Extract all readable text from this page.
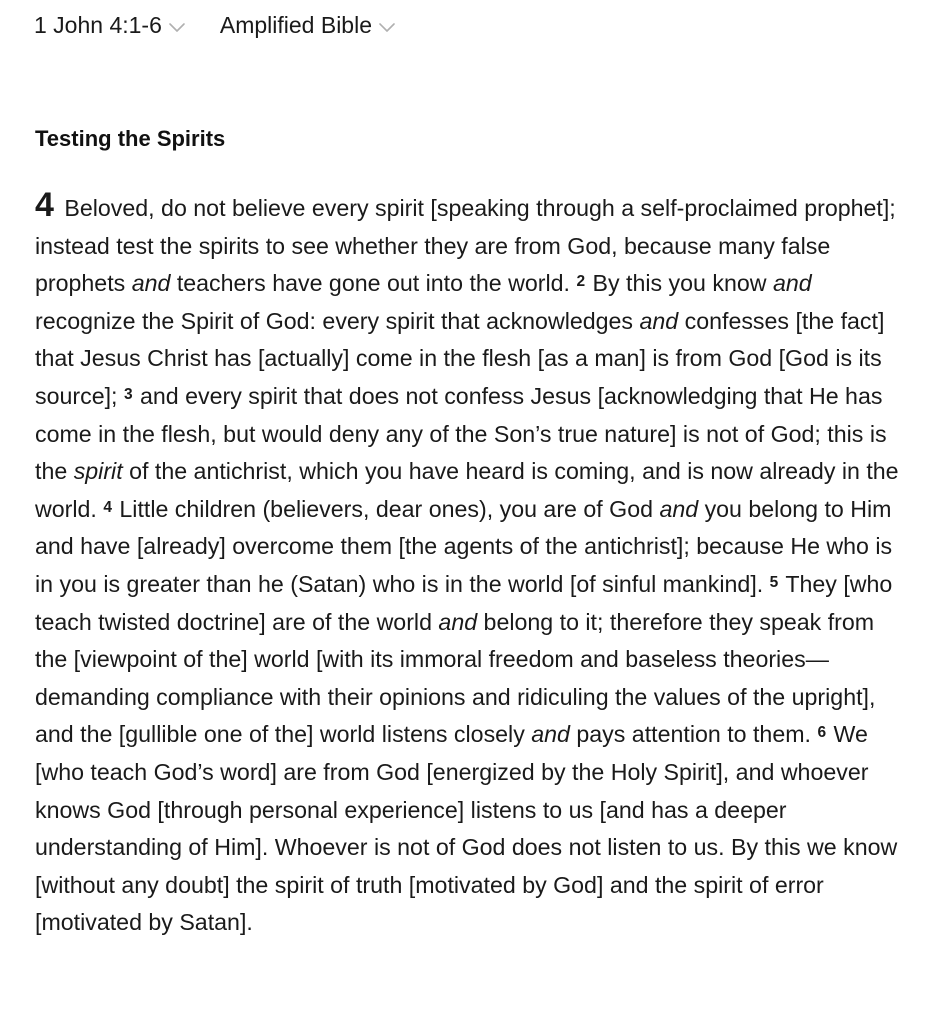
1 John 4:1-6	Amplified Bible
Testing the Spirits

4 Beloved, do not believe every spirit [speaking through a self-proclaimed prophet]; instead test the spirits to see whether they are from God, because many false prophets and teachers have gone out into the world. $^2$ By this you know and recognize the Spirit of God: every spirit that acknowledges and confesses [the fact] that Jesus Christ has [actually] come in the flesh [as a man] is from God [God is its source]; $^3$ and every spirit that does not confess Jesus [acknowledging that He has come in the flesh, but would deny any of the Son’s true nature] is not of God; this is the spirit of the antichrist, which you have heard is coming, and is now already in the world. $^4$ Little children (believers, dear ones), you are of God and you belong to Him and have [already] overcome them [the agents of the antichrist]; because He who is in you is greater than he (Satan) who is in the world [of sinful mankind]. $^5$ They [who teach twisted doctrine] are of the world and belong to it; therefore they speak from the [viewpoint of the] world [with its immoral freedom and baseless theories—demanding compliance with their opinions and ridiculing the values of the upright], and the [gullible one of the] world listens closely and pays attention to them. $^6$ We [who teach God’s word] are from God [energized by the Holy Spirit], and whoever knows God [through personal experience] listens to us [and has a deeper understanding of Him]. Whoever is not of God does not listen to us. By this we know [without any doubt] the spirit of truth [motivated by God] and the spirit of error [motivated by Satan].
